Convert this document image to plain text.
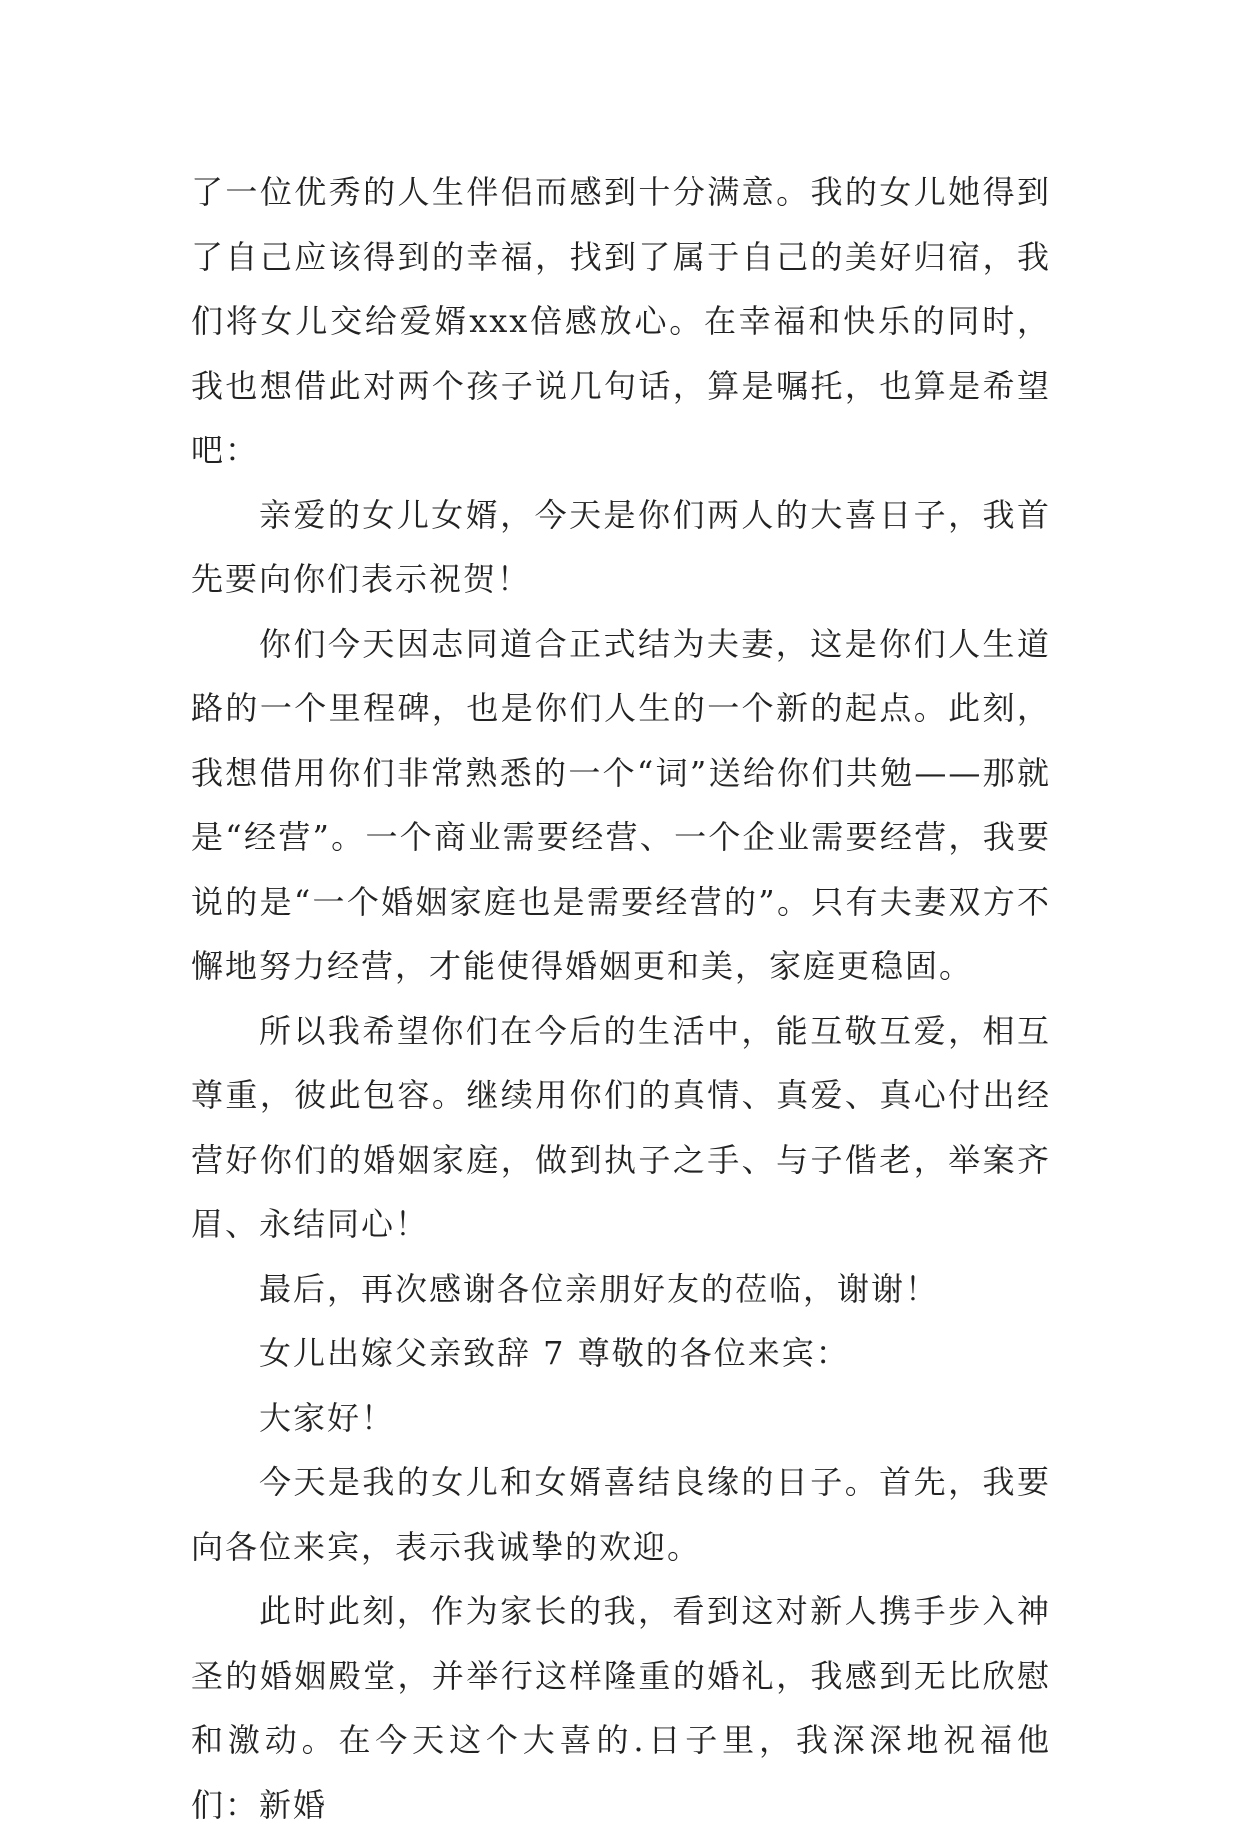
了一位优秀的人生伴侣而感到十分满意。我的女儿她得到了自己应该得到的幸福，找到了属于自己的美好归宿，我们将女儿交给爱婿xxx倍感放心。在幸福和快乐的同时，我也想借此对两个孩子说几句话，算是嘱托，也算是希望吧：

亲爱的女儿女婿，今天是你们两人的大喜日子，我首先要向你们表示祝贺！

你们今天因志同道合正式结为夫妻，这是你们人生道路的一个里程碑，也是你们人生的一个新的起点。此刻，我想借用你们非常熟悉的一个“词”送给你们共勉——那就是“经营”。一个商业需要经营、一个企业需要经营，我要说的是“一个婚姻家庭也是需要经营的”。只有夫妻双方不懈地努力经营，才能使得婚姻更和美，家庭更稳固。

所以我希望你们在今后的生活中，能互敬互爱，相互尊重，彼此包容。继续用你们的真情、真爱、真心付出经营好你们的婚姻家庭，做到执子之手、与子偕老，举案齐眉、永结同心！

最后，再次感谢各位亲朋好友的莅临，谢谢！

女儿出嫁父亲致辞 7 尊敬的各位来宾：

大家好！

今天是我的女儿和女婿喜结良缘的日子。首先，我要向各位来宾，表示我诚挚的欢迎。

此时此刻，作为家长的我，看到这对新人携手步入神圣的婚姻殿堂，并举行这样隆重的婚礼，我感到无比欣慰和激动。在今天这个大喜的.日子里，我深深地祝福他们：新婚
